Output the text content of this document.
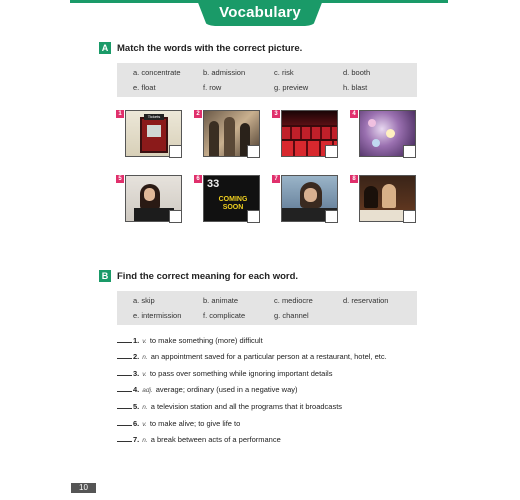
Vocabulary
A Match the words with the correct picture.
a. concentrate	b. admission	c. risk	d. booth
e. float	f. row	g. preview	h. blast
Tickets
33
COMING SOON
1	2	3	4
5	6	7	8
B Find the correct meaning for each word.
a. skip	b. animate	c. mediocre	d. reservation
e. intermission	f. complicate	g. channel
1. v. to make something (more) difficult
2. n. an appointment saved for a particular person at a restaurant, hotel, etc.
3. v. to pass over something while ignoring important details
4. adj. average; ordinary (used in a negative way)
5. n. a television station and all the programs that it broadcasts
6. v. to make alive; to give life to
7. n. a break between acts of a performance
10
